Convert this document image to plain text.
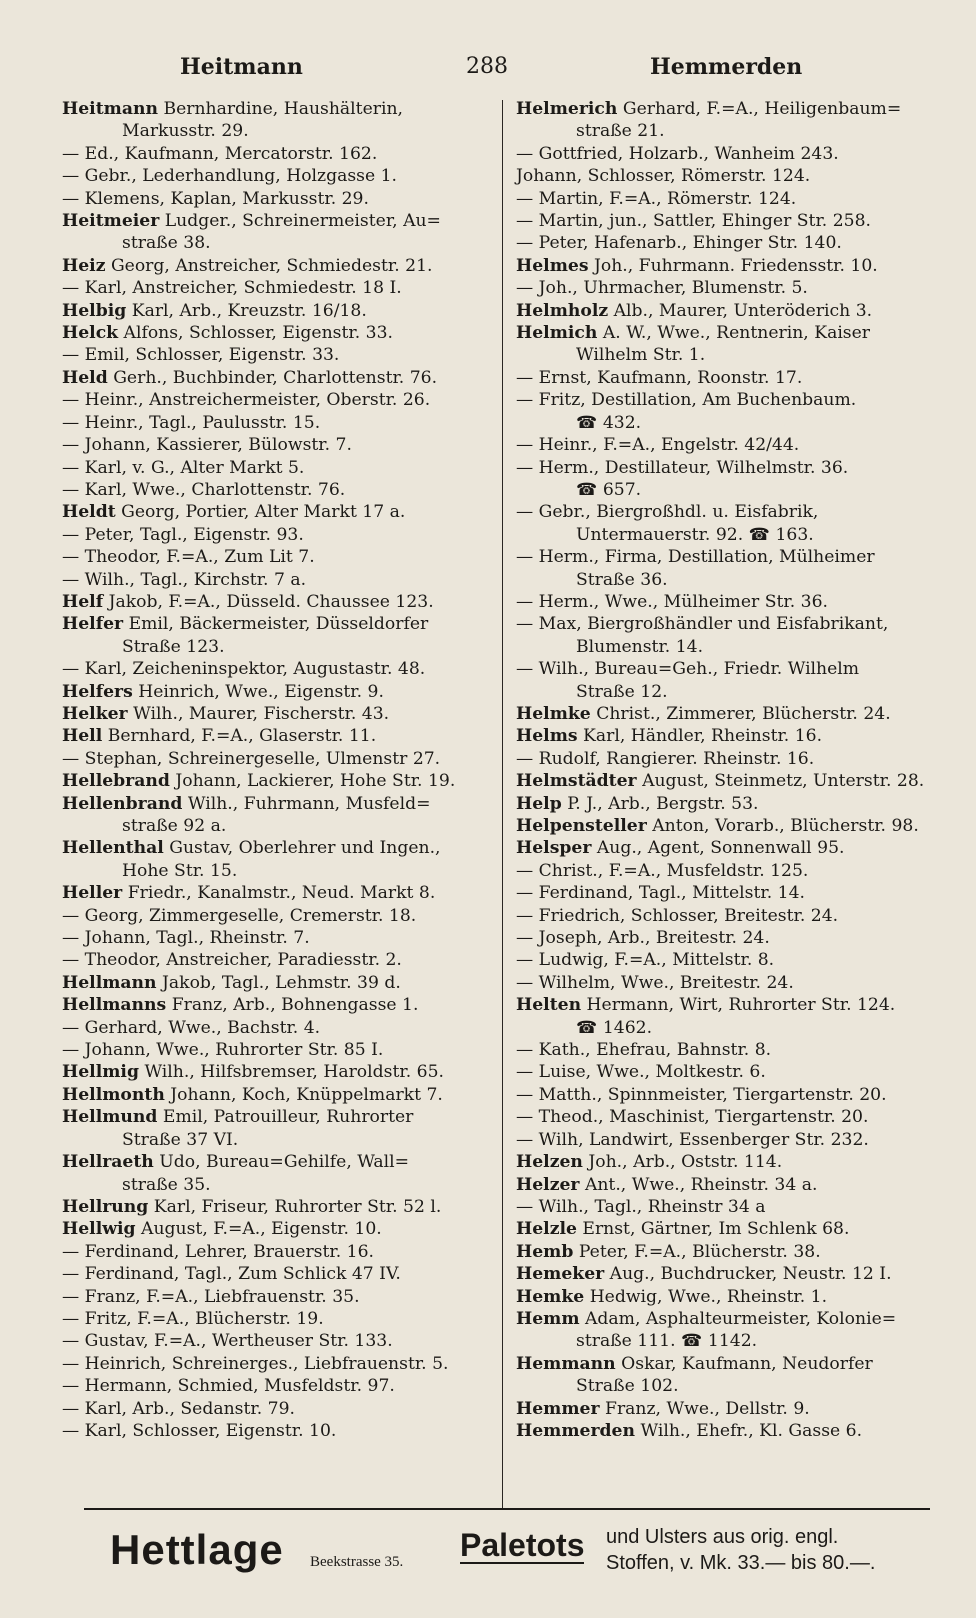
Heitmann	288	Hemmerden
Heitmann Bernhardine, Haushälterin,
Markusstr. 29.
— Ed., Kaufmann, Mercatorstr. 162.
— Gebr., Lederhandlung, Holzgasse 1.
— Klemens, Kaplan, Markusstr. 29.
Heitmeier Ludger., Schreinermeister, Au=
straße 38.
Heiz Georg, Anstreicher, Schmiedestr. 21.
— Karl, Anstreicher, Schmiedestr. 18 I.
Helbig Karl, Arb., Kreuzstr. 16/18.
Helck Alfons, Schlosser, Eigenstr. 33.
— Emil, Schlosser, Eigenstr. 33.
Held Gerh., Buchbinder, Charlottenstr. 76.
— Heinr., Anstreichermeister, Oberstr. 26.
— Heinr., Tagl., Paulusstr. 15.
— Johann, Kassierer, Bülowstr. 7.
— Karl, v. G., Alter Markt 5.
— Karl, Wwe., Charlottenstr. 76.
Heldt Georg, Portier, Alter Markt 17 a.
— Peter, Tagl., Eigenstr. 93.
— Theodor, F.=A., Zum Lit 7.
— Wilh., Tagl., Kirchstr. 7 a.
Helf Jakob, F.=A., Düsseld. Chaussee 123.
Helfer Emil, Bäckermeister, Düsseldorfer
Straße 123.
— Karl, Zeicheninspektor, Augustastr. 48.
Helfers Heinrich, Wwe., Eigenstr. 9.
Helker Wilh., Maurer, Fischerstr. 43.
Hell Bernhard, F.=A., Glaserstr. 11.
— Stephan, Schreinergeselle, Ulmenstr 27.
Hellebrand Johann, Lackierer, Hohe Str. 19.
Hellenbrand Wilh., Fuhrmann, Musfeld=
straße 92 a.
Hellenthal Gustav, Oberlehrer und Ingen.,
Hohe Str. 15.
Heller Friedr., Kanalmstr., Neud. Markt 8.
— Georg, Zimmergeselle, Cremerstr. 18.
— Johann, Tagl., Rheinstr. 7.
— Theodor, Anstreicher, Paradiesstr. 2.
Hellmann Jakob, Tagl., Lehmstr. 39 d.
Hellmanns Franz, Arb., Bohnengasse 1.
— Gerhard, Wwe., Bachstr. 4.
— Johann, Wwe., Ruhrorter Str. 85 I.
Hellmig Wilh., Hilfsbremser, Haroldstr. 65.
Hellmonth Johann, Koch, Knüppelmarkt 7.
Hellmund Emil, Patrouilleur, Ruhrorter
Straße 37 VI.
Hellraeth Udo, Bureau=Gehilfe, Wall=
straße 35.
Hellrung Karl, Friseur, Ruhrorter Str. 52 l.
Hellwig August, F.=A., Eigenstr. 10.
— Ferdinand, Lehrer, Brauerstr. 16.
— Ferdinand, Tagl., Zum Schlick 47 IV.
— Franz, F.=A., Liebfrauenstr. 35.
— Fritz, F.=A., Blücherstr. 19.
— Gustav, F.=A., Wertheuser Str. 133.
— Heinrich, Schreinerges., Liebfrauenstr. 5.
— Hermann, Schmied, Musfeldstr. 97.
— Karl, Arb., Sedanstr. 79.
— Karl, Schlosser, Eigenstr. 10.
Helmerich Gerhard, F.=A., Heiligenbaum=
straße 21.
— Gottfried, Holzarb., Wanheim 243.
Johann, Schlosser, Römerstr. 124.
— Martin, F.=A., Römerstr. 124.
— Martin, jun., Sattler, Ehinger Str. 258.
— Peter, Hafenarb., Ehinger Str. 140.
Helmes Joh., Fuhrmann. Friedensstr. 10.
— Joh., Uhrmacher, Blumenstr. 5.
Helmholz Alb., Maurer, Unteröderich 3.
Helmich A. W., Wwe., Rentnerin, Kaiser
Wilhelm Str. 1.
— Ernst, Kaufmann, Roonstr. 17.
— Fritz, Destillation, Am Buchenbaum.
☎ 432.
— Heinr., F.=A., Engelstr. 42/44.
— Herm., Destillateur, Wilhelmstr. 36.
☎ 657.
— Gebr., Biergroßhdl. u. Eisfabrik,
Untermauerstr. 92. ☎ 163.
— Herm., Firma, Destillation, Mülheimer
Straße 36.
— Herm., Wwe., Mülheimer Str. 36.
— Max, Biergroßhändler und Eisfabrikant,
Blumenstr. 14.
— Wilh., Bureau=Geh., Friedr. Wilhelm
Straße 12.
Helmke Christ., Zimmerer, Blücherstr. 24.
Helms Karl, Händler, Rheinstr. 16.
— Rudolf, Rangierer. Rheinstr. 16.
Helmstädter August, Steinmetz, Unterstr. 28.
Help P. J., Arb., Bergstr. 53.
Helpensteller Anton, Vorarb., Blücherstr. 98.
Helsper Aug., Agent, Sonnenwall 95.
— Christ., F.=A., Musfeldstr. 125.
— Ferdinand, Tagl., Mittelstr. 14.
— Friedrich, Schlosser, Breitestr. 24.
— Joseph, Arb., Breitestr. 24.
— Ludwig, F.=A., Mittelstr. 8.
— Wilhelm, Wwe., Breitestr. 24.
Helten Hermann, Wirt, Ruhrorter Str. 124.
☎ 1462.
— Kath., Ehefrau, Bahnstr. 8.
— Luise, Wwe., Moltkestr. 6.
— Matth., Spinnmeister, Tiergartenstr. 20.
— Theod., Maschinist, Tiergartenstr. 20.
— Wilh, Landwirt, Essenberger Str. 232.
Helzen Joh., Arb., Oststr. 114.
Helzer Ant., Wwe., Rheinstr. 34 a.
— Wilh., Tagl., Rheinstr 34 a
Helzle Ernst, Gärtner, Im Schlenk 68.
Hemb Peter, F.=A., Blücherstr. 38.
Hemeker Aug., Buchdrucker, Neustr. 12 I.
Hemke Hedwig, Wwe., Rheinstr. 1.
Hemm Adam, Asphalteurmeister, Kolonie=
straße 111. ☎ 1142.
Hemmann Oskar, Kaufmann, Neudorfer
Straße 102.
Hemmer Franz, Wwe., Dellstr. 9.
Hemmerden Wilh., Ehefr., Kl. Gasse 6.
Hettlage Beekstrasse 35. Paletots und Ulsters aus orig. engl.
Stoffen, v. Mk. 33.— bis 80.—.
